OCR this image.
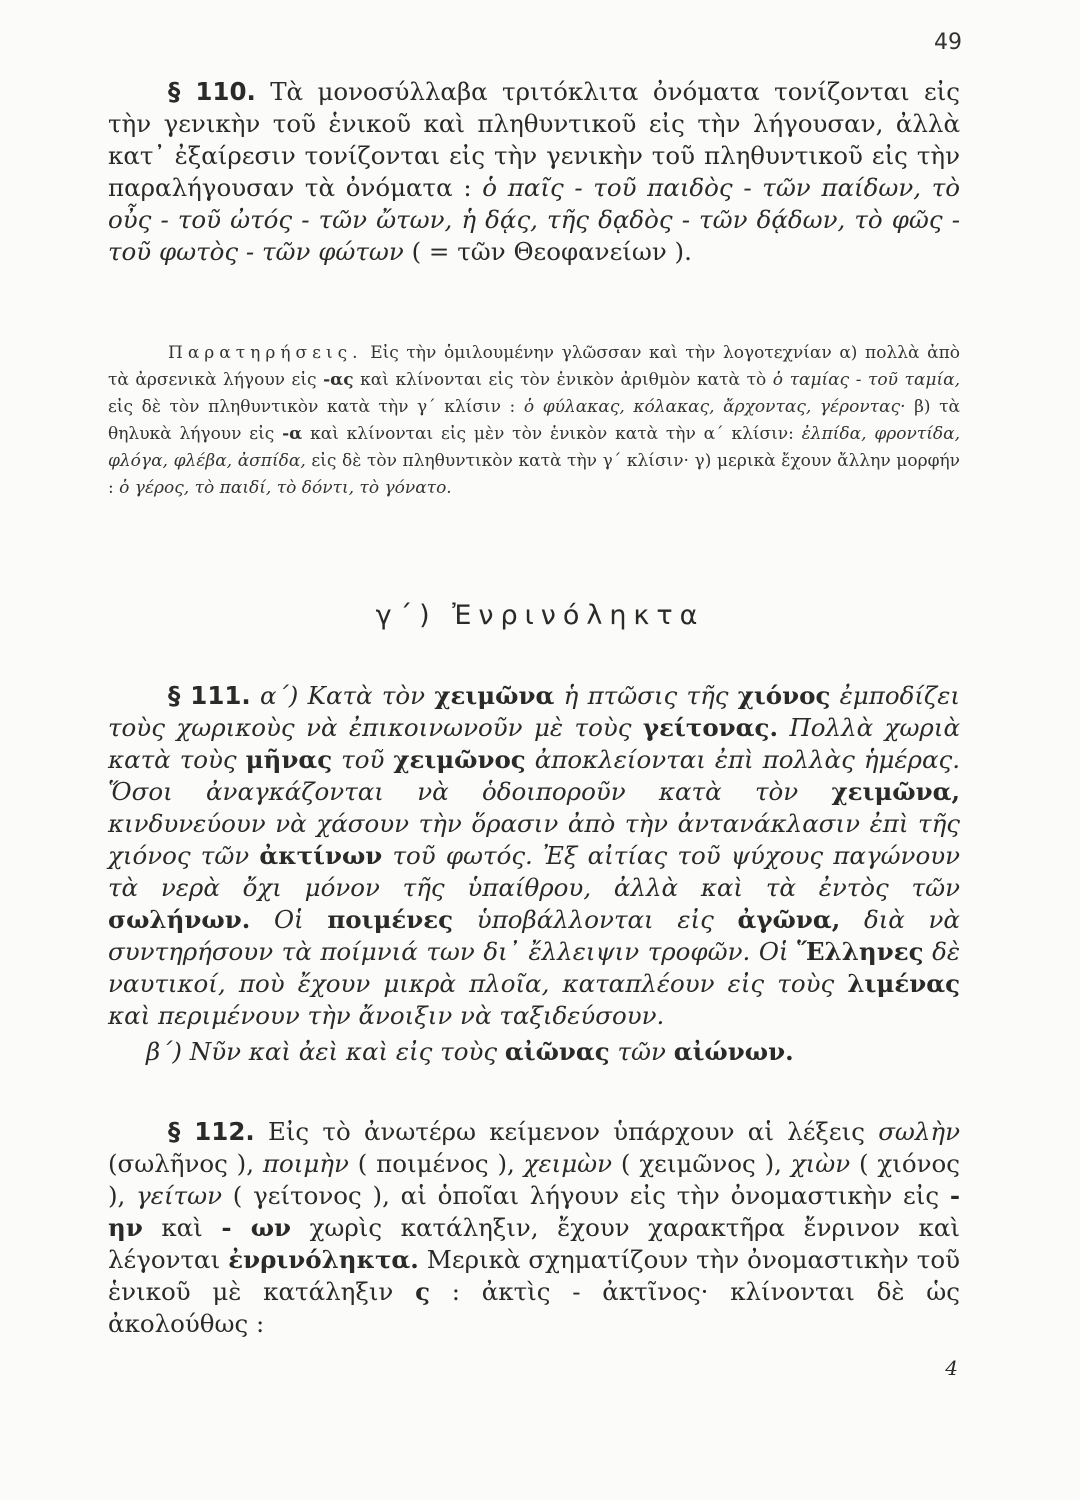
49
§ 110. Τὰ μονοσύλλαβα τριτόκλιτα ὀνόματα τονίζονται εἰς τὴν γενικὴν τοῦ ἑνικοῦ καὶ πληθυντικοῦ εἰς τὴν λήγουσαν, ἀλλὰ κατ᾽ ἐξαίρεσιν τονίζονται εἰς τὴν γενικὴν τοῦ πληθυντικοῦ εἰς τὴν παραλήγουσαν τὰ ὀνόματα : ὁ παῖς - τοῦ παιδὸς - τῶν παίδων, τὸ οὖς - τοῦ ὠτός - τῶν ὤτων, ἡ δᾴς, τῆς δᾳδὸς - τῶν δᾴδων, τὸ φῶς - τοῦ φωτὸς - τῶν φώτων ( = τῶν Θεοφανείων ).
Παρατηρήσεις. Εἰς τὴν ὁμιλουμένην γλῶσσαν καὶ τὴν λογοτεχνίαν α) πολλὰ ἀπὸ τὰ ἀρσενικὰ λήγουν εἰς -ας καὶ κλίνονται εἰς τὸν ἑνικὸν ἀριθμὸν κατὰ τὸ ὁ ταμίας - τοῦ ταμία, εἰς δὲ τὸν πληθυντικὸν κατὰ τὴν γ΄ κλίσιν : ὁ φύλακας, κόλακας, ἄρχοντας, γέροντας· β) τὰ θηλυκὰ λήγουν εἰς -α καὶ κλίνονται εἰς μὲν τὸν ἑνικὸν κατὰ τὴν α΄ κλίσιν: ἐλπίδα, φροντίδα, φλόγα, φλέβα, ἀσπίδα, εἰς δὲ τὸν πληθυντικὸν κατὰ τὴν γ΄ κλίσιν· γ) μερικὰ ἔχουν ἄλλην μορφήν : ὁ γέρος, τὸ παιδί, τὸ δόντι, τὸ γόνατο.
γ΄) Ἐνρινόληκτα
§ 111. α΄) Κατὰ τὸν χειμῶνα ἡ πτῶσις τῆς χιόνος ἐμποδίζει τοὺς χωρικοὺς νὰ ἐπικοινωνοῦν μὲ τοὺς γείτονας. Πολλὰ χωριὰ κατὰ τοὺς μῆνας τοῦ χειμῶνος ἀποκλείονται ἐπὶ πολλὰς ἡμέρας. Ὅσοι ἀναγκάζονται νὰ ὁδοιποροῦν κατὰ τὸν χειμῶνα, κινδυνεύουν νὰ χάσουν τὴν ὅρασιν ἀπὸ τὴν ἀντανάκλασιν ἐπὶ τῆς χιόνος τῶν ἀκτίνων τοῦ φωτός. Ἐξ αἰτίας τοῦ ψύχους παγώνουν τὰ νερὰ ὄχι μόνον τῆς ὑπαίθρου, ἀλλὰ καὶ τὰ ἐντὸς τῶν σωλήνων. Οἱ ποιμένες ὑποβάλλονται εἰς ἀγῶνα, διὰ νὰ συντηρήσουν τὰ ποίμνιά των δι᾽ ἔλλειψιν τροφῶν. Οἱ Ἕλληνες δὲ ναυτικοί, ποὺ ἔχουν μικρὰ πλοῖα, καταπλέουν εἰς τοὺς λιμένας καὶ περιμένουν τὴν ἄνοιξιν νὰ ταξιδεύσουν.
β΄) Νῦν καὶ ἀεὶ καὶ εἰς τοὺς αἰῶνας τῶν αἰώνων.
§ 112. Εἰς τὸ ἀνωτέρω κείμενον ὑπάρχουν αἱ λέξεις σωλὴν (σωλῆνος ), ποιμὴν ( ποιμένος ), χειμὼν ( χειμῶνος ), χιὼν ( χιόνος ), γείτων ( γείτονος ), αἱ ὁποῖαι λήγουν εἰς τὴν ὀνομαστικὴν εἰς - ην καὶ - ων χωρὶς κατάληξιν, ἔχουν χαρακτῆρα ἔνρινον καὶ λέγονται ἐνρινόληκτα. Μερικὰ σχηματίζουν τὴν ὀνομαστικὴν τοῦ ἑνικοῦ μὲ κατάληξιν ς : ἀκτὶς - ἀκτῖνος· κλίνονται δὲ ὡς ἀκολούθως :
4
